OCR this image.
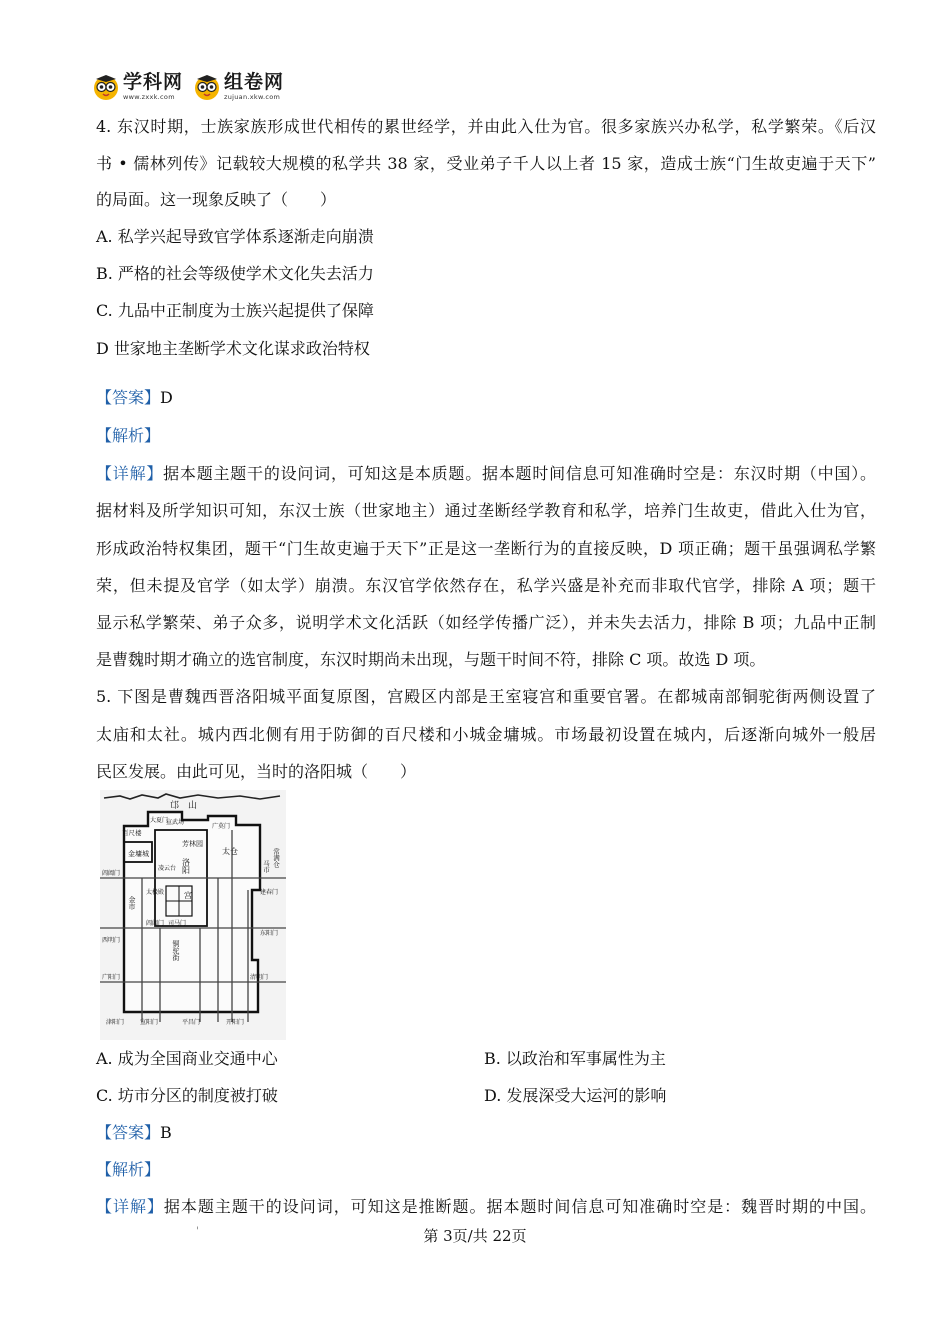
学科网
www.zxxk.com
组卷网
zujuan.xkw.com
4. 东汉时期，士族家族形成世代相传的累世经学，并由此入仕为官。很多家族兴办私学，私学繁荣。《后汉
书 • 儒林列传》记载较大规模的私学共 38 家，受业弟子千人以上者 15 家，造成士族“门生故吏遍于天下”
的局面。这一现象反映了（　　）
A. 私学兴起导致官学体系逐渐走向崩溃
B. 严格的社会等级使学术文化失去活力
C. 九品中正制度为士族兴起提供了保障
D 世家地主垄断学术文化谋求政治特权
【答案】D
【解析】
【详解】据本题主题干的设问词，可知这是本质题。据本题时间信息可知准确时空是：东汉时期（中国）。
据材料及所学知识可知，东汉士族（世家地主）通过垄断经学教育和私学，培养门生故吏，借此入仕为官，
形成政治特权集团，题干“门生故吏遍于天下”正是这一垄断行为的直接反映，D 项正确；题干虽强调私学繁
荣，但未提及官学（如太学）崩溃。东汉官学依然存在，私学兴盛是补充而非取代官学，排除 A 项；题干
显示私学繁荣、弟子众多，说明学术文化活跃（如经学传播广泛），并未失去活力，排除 B 项；九品中正制
是曹魏时期才确立的选官制度，东汉时期尚未出现，与题干时间不符，排除 C 项。故选 D 项。
5. 下图是曹魏西晋洛阳城平面复原图，宫殿区内部是王室寝宫和重要官署。在都城南部铜驼街两侧设置了
太庙和太社。城内西北侧有用于防御的百尺楼和小城金墉城。市场最初设置在城内，后逐渐向城外一般居
民区发展。由此可见，当时的洛阳城（　　）
邙　山
百尺楼
金墉城
大夏门
宣武场
广莫门
芳林园
太仓	常满仓
马市
洛阳
宫
凌云台
太极殿
金市
阊阖门
建春门
西明门
东阳门
广阳门	清明门
铜驼街
阊阖门 司马门
津阳门	宣阳门	平昌门	开阳门
A. 成为全国商业交通中心	B. 以政治和军事属性为主
C. 坊市分区的制度被打破	D. 发展深受大运河的影响
【答案】B
【解析】
【详解】据本题主题干的设问词，可知这是推断题。据本题时间信息可知准确时空是：魏晋时期的中国。
'	第 3页/共 22页
